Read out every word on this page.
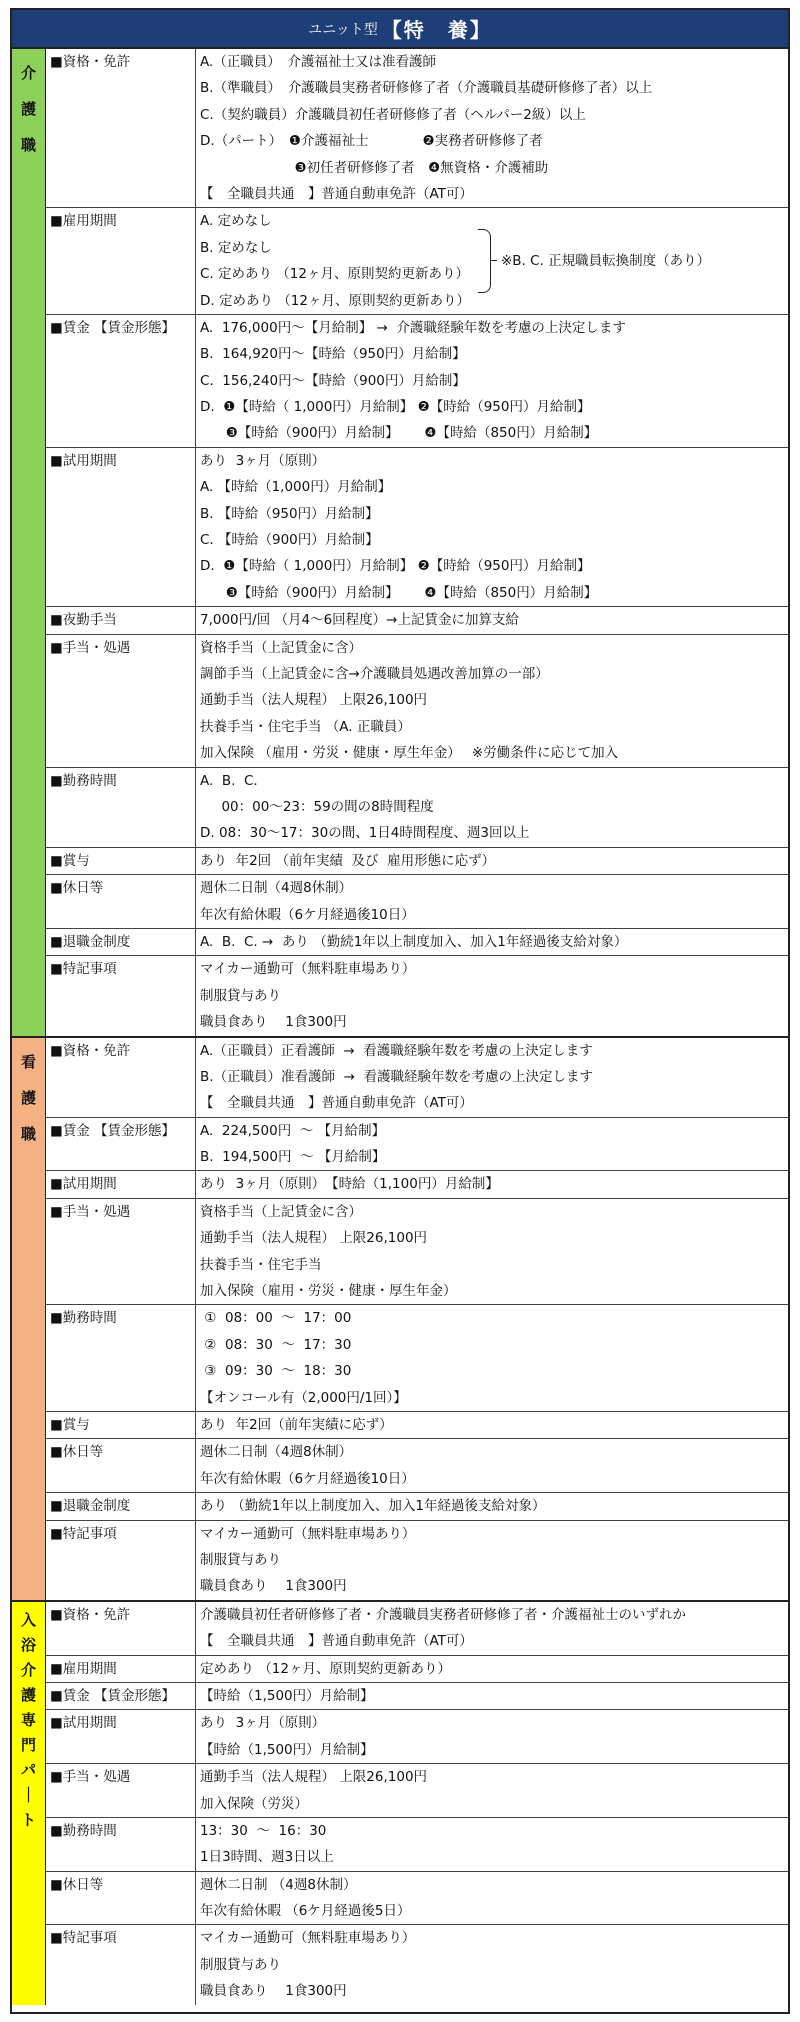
ユニット型 【特　養】
介
護
職
■資格・免許	A.（正職員）　介護福祉士又は准看護師
B.（準職員）　介護職員実務者研修修了者（介護職員基礎研修修了者）以上
C.（契約職員）介護職員初任者研修修了者（ヘルパー2級）以上
D.（パート）　❶介護福祉士　　　　❷実務者研修修了者
　　　　　　　❸初任者研修修了者　❹無資格・介護補助
【　全職員共通　】普通自動車免許（AT可）
■雇用期間	A. 定めなし
B. 定めなし
C. 定めあり （12ヶ月、原則契約更新あり）
D. 定めあり （12ヶ月、原則契約更新あり）
※B. C. 正規職員転換制度（あり）
■賃金 【賃金形態】	A.  176,000円～【月給制】 →  介護職経験年数を考慮の上決定します
B.  164,920円～【時給（950円）月給制】
C.  156,240円～【時給（900円）月給制】
D.  ❶【時給（ 1,000円）月給制】 ❷【時給（950円）月給制】
❸【時給（900円）月給制】      ❹【時給（850円）月給制】
■試用期間	あり  3ヶ月（原則）
A. 【時給（1,000円）月給制】
B. 【時給（950円）月給制】
C. 【時給（900円）月給制】
D.  ❶【時給（ 1,000円）月給制】 ❷【時給（950円）月給制】
❸【時給（900円）月給制】      ❹【時給（850円）月給制】
■夜勤手当	7,000円/回 （月4～6回程度）→上記賃金に加算支給
■手当・処遇	資格手当（上記賃金に含）
調節手当（上記賃金に含→介護職員処遇改善加算の一部）
通勤手当（法人規程） 上限26,100円
扶養手当・住宅手当 （A. 正職員）
加入保険 （雇用・労災・健康・厚生年金）　 ※労働条件に応じて加入
■勤務時間	A.  B.  C.
00：00～23：59の間の8時間程度
D. 08：30～17：30の間、1日4時間程度、週3回以上
■賞与	あり  年2回 （前年実績  及び  雇用形態に応ず）
■休日等	週休二日制（4週8休制）
年次有給休暇（6ケ月経過後10日）
■退職金制度	A.  B.  C. →  あり （勤続1年以上制度加入、加入1年経過後支給対象）
■特記事項	マイカー通勤可（無料駐車場あり）
制服貸与あり
職員食あり　 1食300円
看
護
職
■資格・免許	A.（正職員）正看護師  →  看護職経験年数を考慮の上決定します
B.（正職員）准看護師  →  看護職経験年数を考慮の上決定します
【　全職員共通　】普通自動車免許（AT可）
■賃金 【賃金形態】	A.  224,500円  ～ 【月給制】
B.  194,500円  ～ 【月給制】
■試用期間	あり  3ヶ月（原則）　【時給（1,100円）月給制】
■手当・処遇	資格手当（上記賃金に含）
通勤手当（法人規程） 上限26,100円
扶養手当・住宅手当
加入保険（雇用・労災・健康・厚生年金）
■勤務時間	①  08：00  ～  17：00
②  08：30  ～  17：30
③  09：30  ～  18：30
【オンコール有（2,000円/1回）】
■賞与	あり  年2回（前年実績に応ず）
■休日等	週休二日制（4週8休制）
年次有給休暇（6ケ月経過後10日）
■退職金制度	あり （勤続1年以上制度加入、加入1年経過後支給対象）
■特記事項	マイカー通勤可（無料駐車場あり）
制服貸与あり
職員食あり　 1食300円
入
浴
介
護
専
門
パ
｜
ト
■資格・免許	介護職員初任者研修修了者・介護職員実務者研修修了者・介護福祉士のいずれか
【　全職員共通　】普通自動車免許（AT可）
■雇用期間	定めあり （12ヶ月、原則契約更新あり）
■賃金 【賃金形態】	【時給（1,500円）月給制】
■試用期間	あり  3ヶ月（原則）
【時給（1,500円）月給制】
■手当・処遇	通勤手当（法人規程） 上限26,100円
加入保険（労災）
■勤務時間	13：30  ～  16：30
1日3時間、週3日以上
■休日等	週休二日制 （4週8休制）
年次有給休暇 （6ケ月経過後5日）
■特記事項	マイカー通勤可（無料駐車場あり）
制服貸与あり
職員食あり　 1食300円
